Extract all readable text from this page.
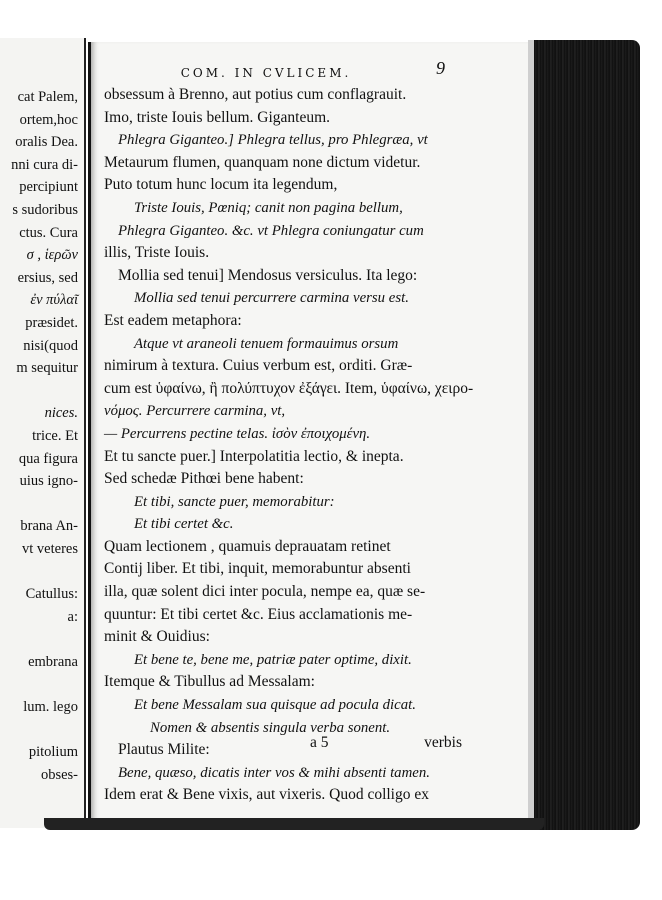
cat Palem,
ortem,hoc
oralis Dea.
nni cura di-
percipiunt
s sudoribus
ctus. Cura
σ , ἱερῶν
ersius, sed
ἐν πύλαῖ
præsidet.
nisi(quod
m sequitur
nices.
trice. Et
qua figura
uius igno-
brana An-
vt veteres
Catullus:
a:
embrana
lum. lego
pitolium
obses-
COM. IN CVLICEM.	9
obsessum à Brenno, aut potius cum conflagrauit.
Imo, triste Iouis bellum. Giganteum.
Phlegra Giganteo.] Phlegra tellus, pro Phlegræa, vt
Metaurum flumen, quanquam none dictum videtur.
Puto totum hunc locum ita legendum,
Triste Iouis, Pœniq; canit non pagina bellum,
Phlegra Giganteo. &c. vt Phlegra coniungatur cum
illis, Triste Iouis.
Mollia sed tenui] Mendosus versiculus. Ita lego:
Mollia sed tenui percurrere carmina versu est.
Est eadem metaphora:
Atque vt araneoli tenuem formauimus orsum
nimirum à textura. Cuius verbum est, orditi. Græ-
cum est ὑφαίνω, ἢ πολύπτυχον ἐξάγει. Item, ὑφαίνω, χειρο-
νόμος. Percurrere carmina, vt,
— Percurrens pectine telas. ἰσὸν ἐποιχομένη.
Et tu sancte puer.] Interpolatitia lectio, & inepta.
Sed schedæ Pithœi bene habent:
Et tibi, sancte puer, memorabitur:
Et tibi certet &c.
Quam lectionem , quamuis deprauatam retinet
Contij liber. Et tibi, inquit, memorabuntur absenti
illa, quæ solent dici inter pocula, nempe ea, quæ se-
quuntur: Et tibi certet &c. Eius acclamationis me-
minit & Ouidius:
Et bene te, bene me, patriæ pater optime, dixit.
Itemque & Tibullus ad Messalam:
Et bene Messalam sua quisque ad pocula dicat.
Nomen & absentis singula verba sonent.
Plautus Milite:
Bene, quæso, dicatis inter vos & mihi absenti tamen.
Idem erat & Bene vixis, aut vixeris. Quod colligo ex
a 5	verbis
